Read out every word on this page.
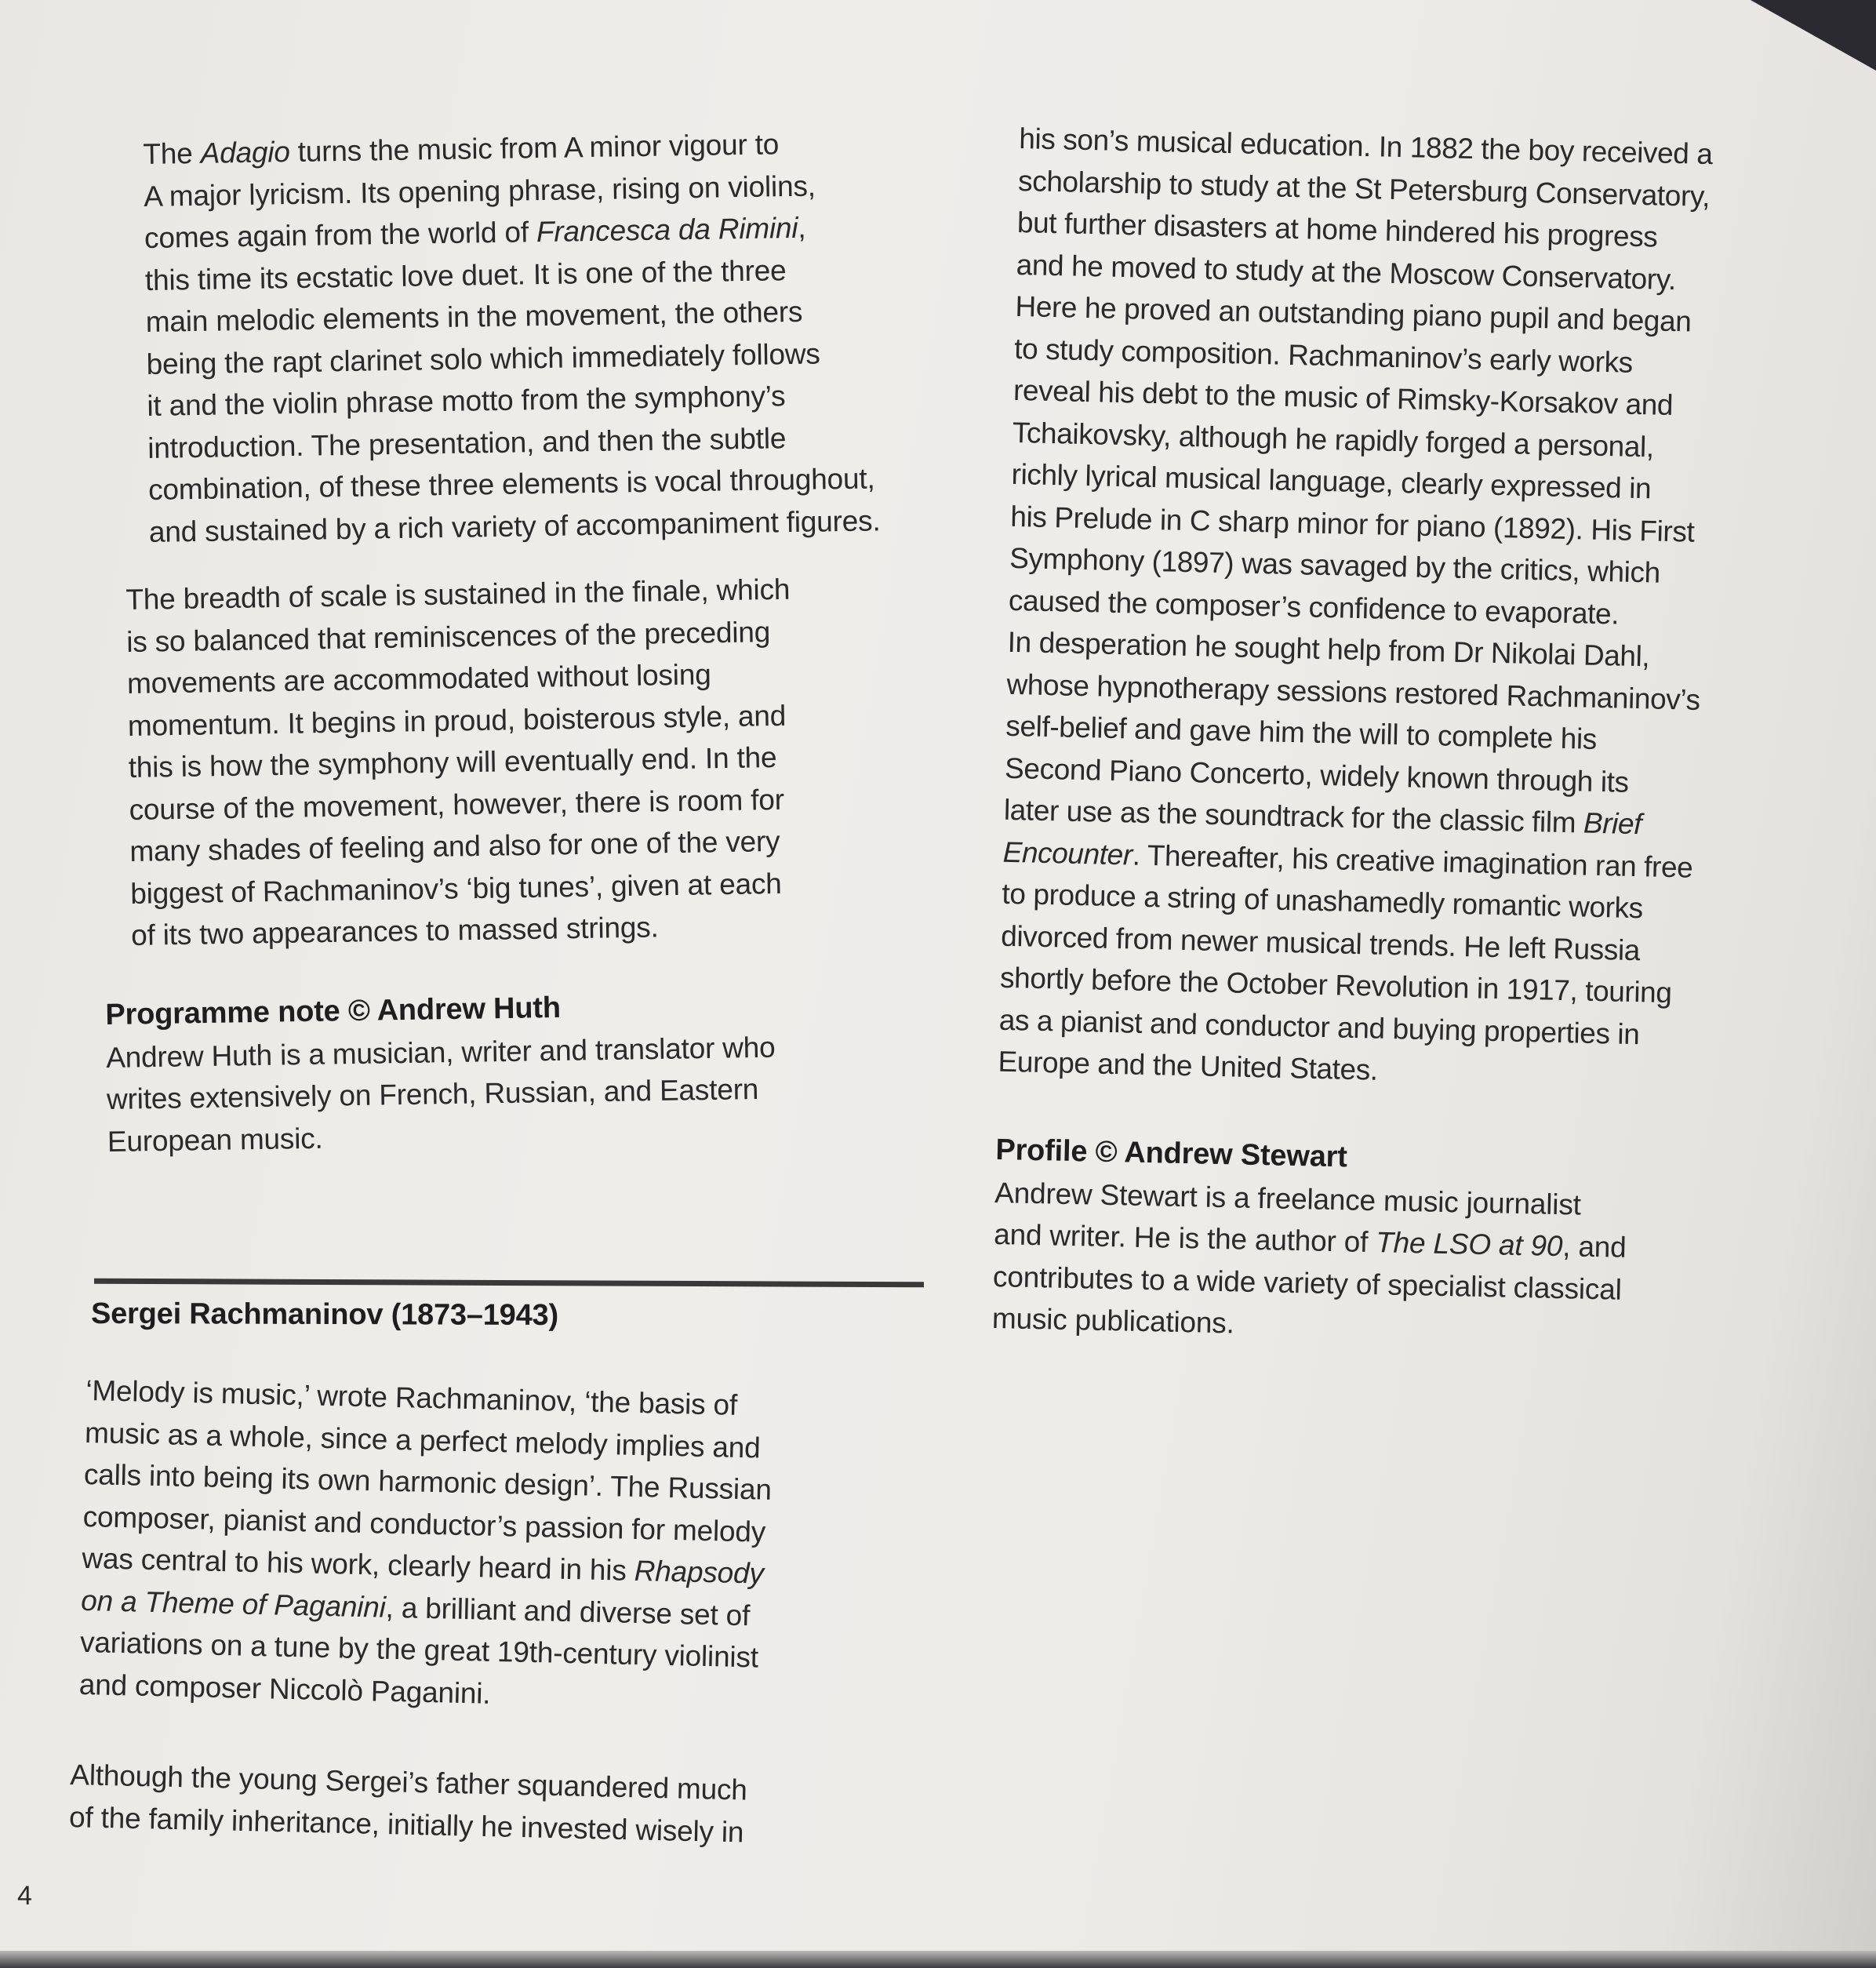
The Adagio turns the music from A minor vigour to
A major lyricism. Its opening phrase, rising on violins,
comes again from the world of Francesca da Rimini,
this time its ecstatic love duet. It is one of the three
main melodic elements in the movement, the others
being the rapt clarinet solo which immediately follows
it and the violin phrase motto from the symphony’s
introduction. The presentation, and then the subtle
combination, of these three elements is vocal throughout,
and sustained by a rich variety of accompaniment figures.
The breadth of scale is sustained in the finale, which
is so balanced that reminiscences of the preceding
movements are accommodated without losing
momentum. It begins in proud, boisterous style, and
this is how the symphony will eventually end. In the
course of the movement, however, there is room for
many shades of feeling and also for one of the very
biggest of Rachmaninov’s ‘big tunes’, given at each
of its two appearances to massed strings.
Programme note © Andrew Huth
Andrew Huth is a musician, writer and translator who
writes extensively on French, Russian, and Eastern
European music.
Sergei Rachmaninov (1873–1943)
‘Melody is music,’ wrote Rachmaninov, ‘the basis of
music as a whole, since a perfect melody implies and
calls into being its own harmonic design’. The Russian
composer, pianist and conductor’s passion for melody
was central to his work, clearly heard in his Rhapsody
on a Theme of Paganini, a brilliant and diverse set of
variations on a tune by the great 19th-century violinist
and composer Niccolò Paganini.
Although the young Sergei’s father squandered much
of the family inheritance, initially he invested wisely in
his son’s musical education. In 1882 the boy received a
scholarship to study at the St Petersburg Conservatory,
but further disasters at home hindered his progress
and he moved to study at the Moscow Conservatory.
Here he proved an outstanding piano pupil and began
to study composition. Rachmaninov’s early works
reveal his debt to the music of Rimsky-Korsakov and
Tchaikovsky, although he rapidly forged a personal,
richly lyrical musical language, clearly expressed in
his Prelude in C sharp minor for piano (1892). His First
Symphony (1897) was savaged by the critics, which
caused the composer’s confidence to evaporate.
In desperation he sought help from Dr Nikolai Dahl,
whose hypnotherapy sessions restored Rachmaninov’s
self-belief and gave him the will to complete his
Second Piano Concerto, widely known through its
later use as the soundtrack for the classic film Brief
Encounter. Thereafter, his creative imagination ran free
to produce a string of unashamedly romantic works
divorced from newer musical trends. He left Russia
shortly before the October Revolution in 1917, touring
as a pianist and conductor and buying properties in
Europe and the United States.
Profile © Andrew Stewart
Andrew Stewart is a freelance music journalist
and writer. He is the author of The LSO at 90, and
contributes to a wide variety of specialist classical
music publications.
4
